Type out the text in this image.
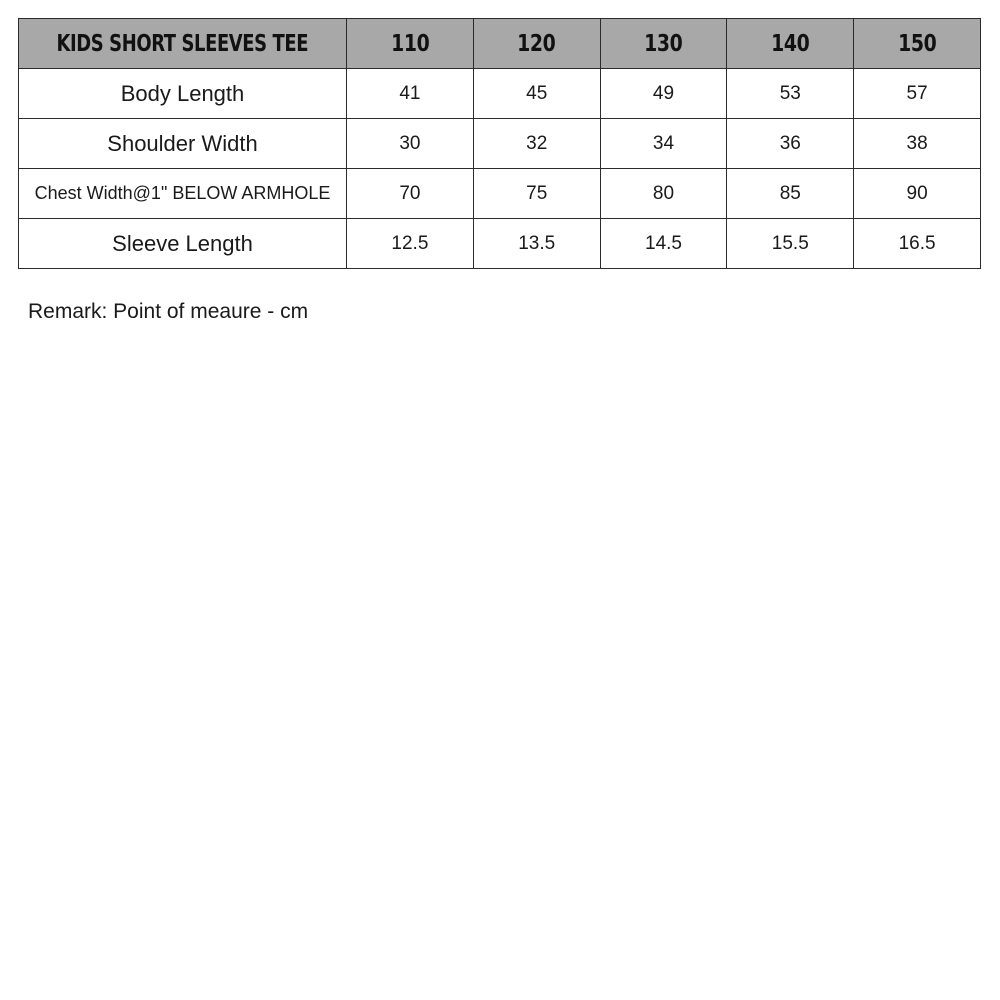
KIDS SHORT SLEEVES TEE	110	120	130	140	150
Body Length	41	45	49	53	57
Shoulder Width	30	32	34	36	38
Chest Width@1" BELOW ARMHOLE	70	75	80	85	90
Sleeve Length	12.5	13.5	14.5	15.5	16.5
Remark: Point of meaure - cm
